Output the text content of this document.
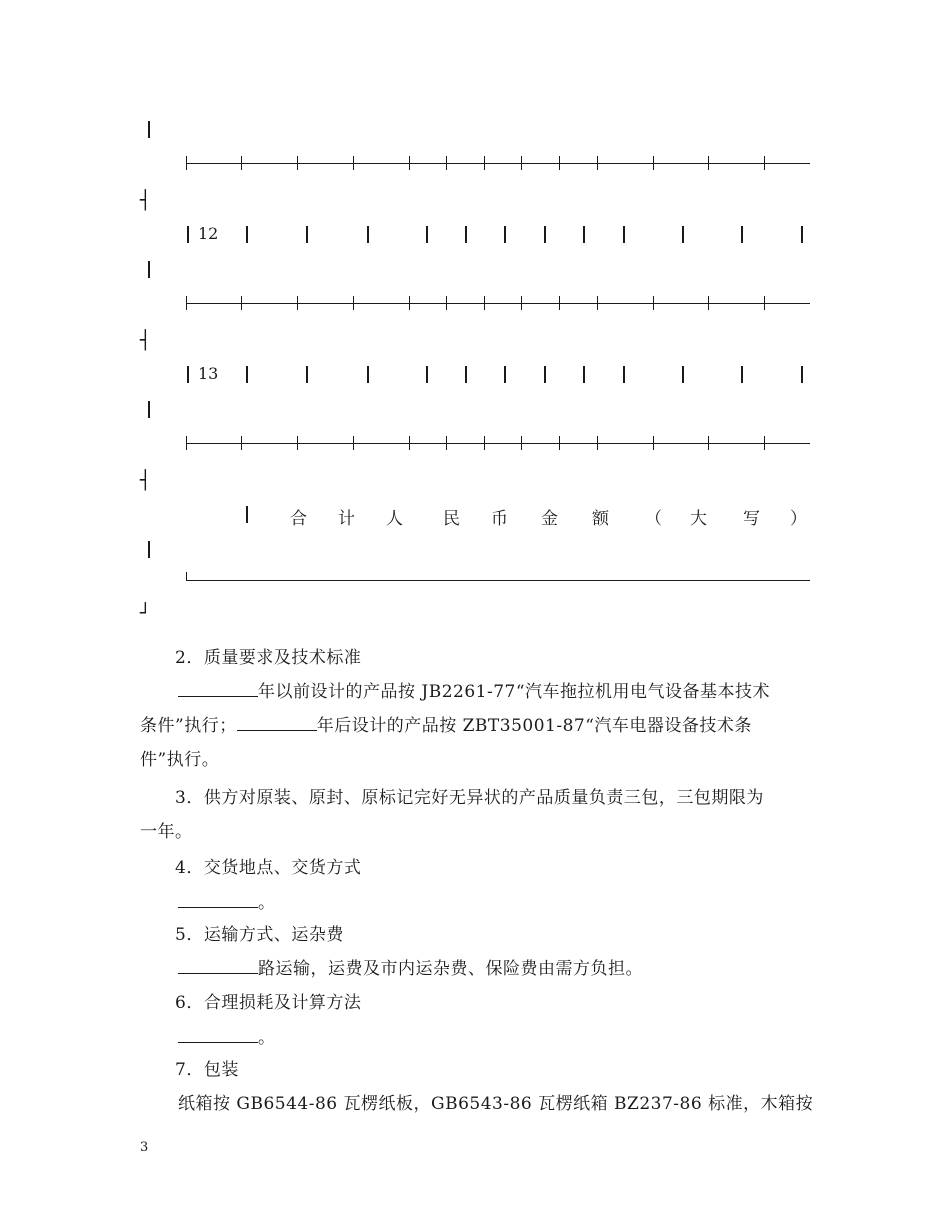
┤
┤
┤
┘
12
13
合 计 人 民 币 金 额 （ 大 写 ）
2．质量要求及技术标准
年以前设计的产品按 JB2261-77“汽车拖拉机用电气设备基本技术
条件”执行；	年后设计的产品按 ZBT35001-87“汽车电器设备技术条
件”执行。
3．供方对原装、原封、原标记完好无异状的产品质量负责三包，三包期限为
一年。
4．交货地点、交货方式
。
5．运输方式、运杂费
路运输，运费及市内运杂费、保险费由需方负担。
6．合理损耗及计算方法
。
7．包装
纸箱按 GB6544-86 瓦楞纸板，GB6543-86 瓦楞纸箱 BZ237-86 标准，木箱按
3
